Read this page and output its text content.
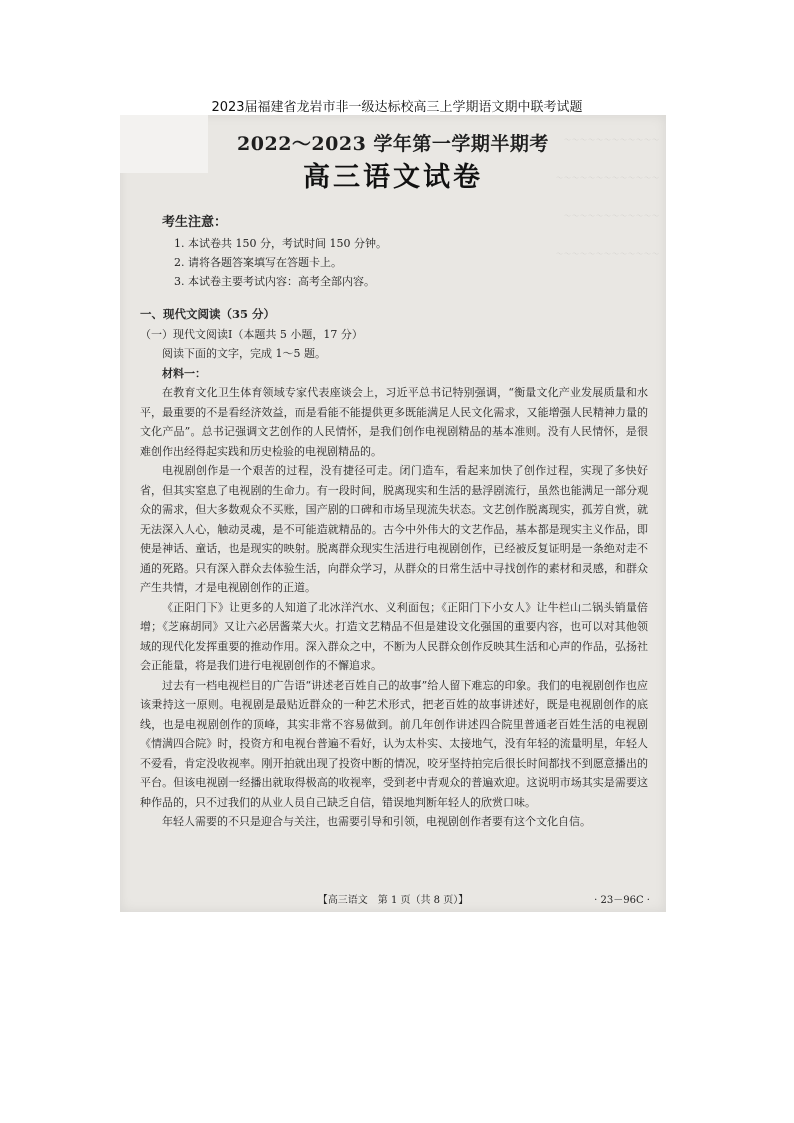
2023届福建省龙岩市非一级达标校高三上学期语文期中联考试题
～～～～～～～～～～～～
～～～～～～～～～～～～～
～～～～～～～～～～～～
～～～～～～～～～～～～～
2022～2023 学年第一学期半期考
高三语文试卷
考生注意：
1. 本试卷共 150 分，考试时间 150 分钟。
2. 请将各题答案填写在答题卡上。
3. 本试卷主要考试内容：高考全部内容。
一、现代文阅读（35 分）
（一）现代文阅读Ⅰ（本题共 5 小题，17 分）
阅读下面的文字，完成 1～5 题。
材料一：

在教育文化卫生体育领域专家代表座谈会上，习近平总书记特别强调，“衡量文化产业发展质量和水平，最重要的不是看经济效益，而是看能不能提供更多既能满足人民文化需求，又能增强人民精神力量的文化产品”。总书记强调文艺创作的人民情怀，是我们创作电视剧精品的基本准则。没有人民情怀，是很难创作出经得起实践和历史检验的电视剧精品的。

电视剧创作是一个艰苦的过程，没有捷径可走。闭门造车，看起来加快了创作过程，实现了多快好省，但其实窒息了电视剧的生命力。有一段时间，脱离现实和生活的悬浮剧流行，虽然也能满足一部分观众的需求，但大多数观众不买账，国产剧的口碑和市场呈现流失状态。文艺创作脱离现实，孤芳自赏，就无法深入人心，触动灵魂，是不可能造就精品的。古今中外伟大的文艺作品，基本都是现实主义作品，即使是神话、童话，也是现实的映射。脱离群众现实生活进行电视剧创作，已经被反复证明是一条绝对走不通的死路。只有深入群众去体验生活，向群众学习，从群众的日常生活中寻找创作的素材和灵感，和群众产生共情，才是电视剧创作的正道。

《正阳门下》让更多的人知道了北冰洋汽水、义利面包；《正阳门下小女人》让牛栏山二锅头销量倍增；《芝麻胡同》又让六必居酱菜大火。打造文艺精品不但是建设文化强国的重要内容，也可以对其他领域的现代化发挥重要的推动作用。深入群众之中，不断为人民群众创作反映其生活和心声的作品，弘扬社会正能量，将是我们进行电视剧创作的不懈追求。

过去有一档电视栏目的广告语“讲述老百姓自己的故事”给人留下难忘的印象。我们的电视剧创作也应该秉持这一原则。电视剧是最贴近群众的一种艺术形式，把老百姓的故事讲述好，既是电视剧创作的底线，也是电视剧创作的顶峰，其实非常不容易做到。前几年创作讲述四合院里普通老百姓生活的电视剧《情满四合院》时，投资方和电视台普遍不看好，认为太朴实、太接地气，没有年轻的流量明星，年轻人不爱看，肯定没收视率。刚开拍就出现了投资中断的情况，咬牙坚持拍完后很长时间都找不到愿意播出的平台。但该电视剧一经播出就取得极高的收视率，受到老中青观众的普遍欢迎。这说明市场其实是需要这种作品的，只不过我们的从业人员自己缺乏自信，错误地判断年轻人的欣赏口味。

年轻人需要的不只是迎合与关注，也需要引导和引领，电视剧创作者要有这个文化自信。

【高三语文　第 1 页（共 8 页）】	· 23－96C ·
